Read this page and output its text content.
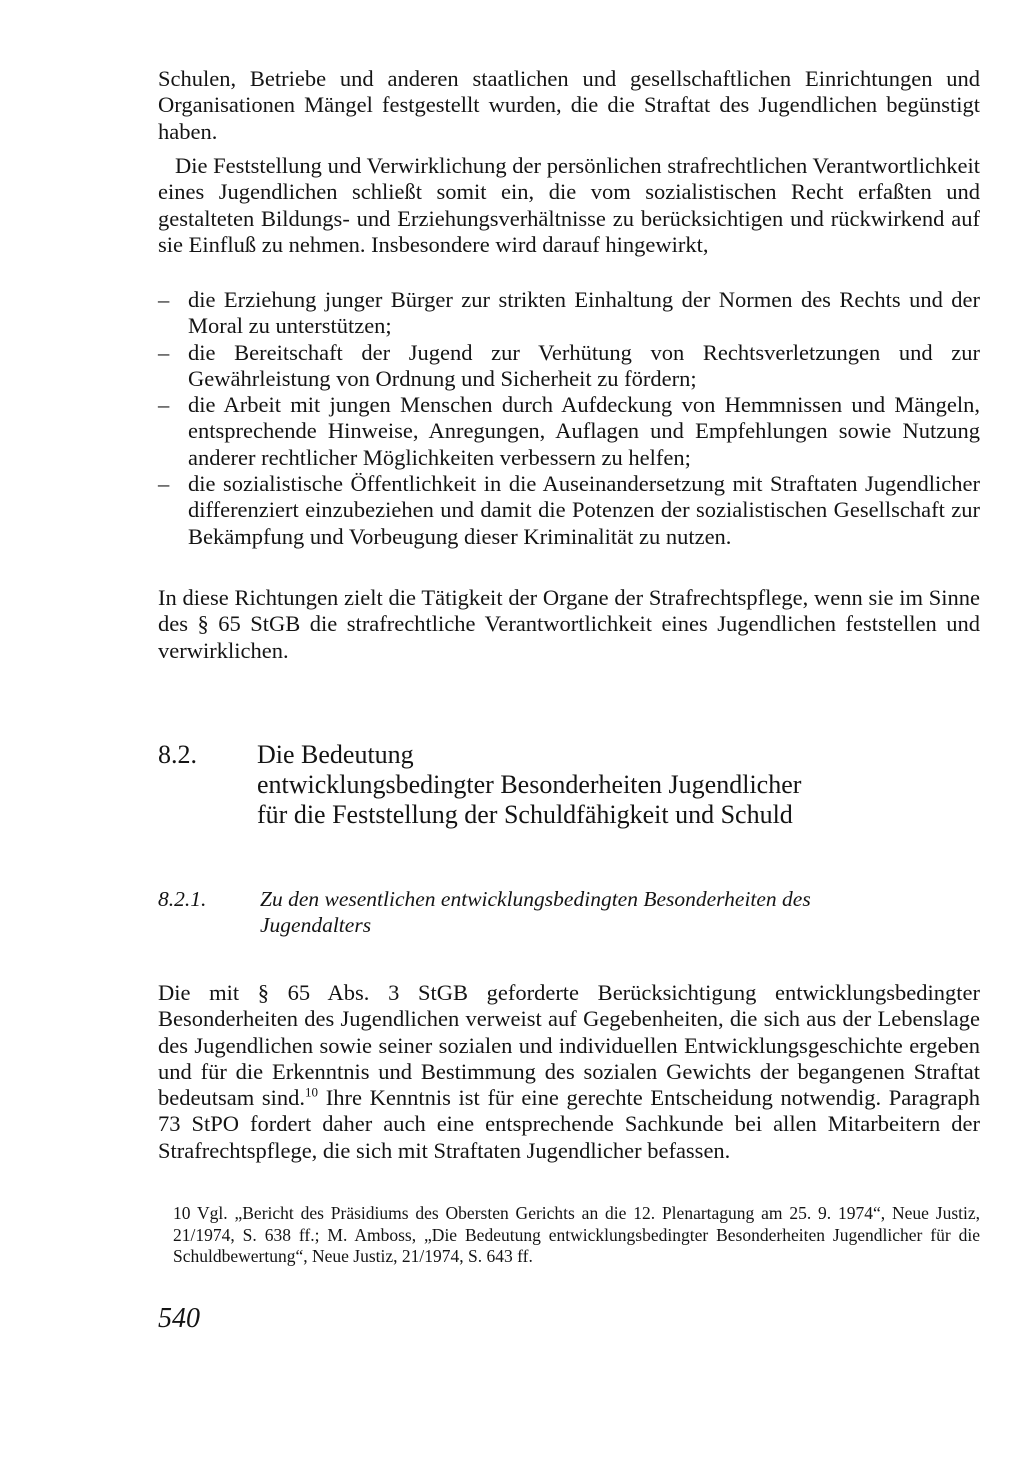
Schulen, Betriebe und anderen staatlichen und gesellschaftlichen Einrichtungen und Organisationen Mängel festgestellt wurden, die die Straftat des Jugendlichen begünstigt haben.
Die Feststellung und Verwirklichung der persönlichen strafrechtlichen Verantwortlichkeit eines Jugendlichen schließt somit ein, die vom sozialistischen Recht erfaßten und gestalteten Bildungs- und Erziehungsverhältnisse zu berücksichtigen und rückwirkend auf sie Einfluß zu nehmen. Insbesondere wird darauf hingewirkt,
– die Erziehung junger Bürger zur strikten Einhaltung der Normen des Rechts und der Moral zu unterstützen;
– die Bereitschaft der Jugend zur Verhütung von Rechtsverletzungen und zur Gewährleistung von Ordnung und Sicherheit zu fördern;
– die Arbeit mit jungen Menschen durch Aufdeckung von Hemmnissen und Mängeln, entsprechende Hinweise, Anregungen, Auflagen und Empfehlungen sowie Nutzung anderer rechtlicher Möglichkeiten verbessern zu helfen;
– die sozialistische Öffentlichkeit in die Auseinandersetzung mit Straftaten Jugendlicher differenziert einzubeziehen und damit die Potenzen der sozialistischen Gesellschaft zur Bekämpfung und Vorbeugung dieser Kriminalität zu nutzen.
In diese Richtungen zielt die Tätigkeit der Organe der Strafrechtspflege, wenn sie im Sinne des § 65 StGB die strafrechtliche Verantwortlichkeit eines Jugendlichen feststellen und verwirklichen.
8.2. Die Bedeutung
entwicklungsbedingter Besonderheiten Jugendlicher
für die Feststellung der Schuldfähigkeit und Schuld
8.2.1. Zu den wesentlichen entwicklungsbedingten Besonderheiten des Jugendalters
Die mit § 65 Abs. 3 StGB geforderte Berücksichtigung entwicklungsbedingter Besonderheiten des Jugendlichen verweist auf Gegebenheiten, die sich aus der Lebenslage des Jugendlichen sowie seiner sozialen und individuellen Entwicklungsgeschichte ergeben und für die Erkenntnis und Bestimmung des sozialen Gewichts der begangenen Straftat bedeutsam sind.$^{10}$ Ihre Kenntnis ist für eine gerechte Entscheidung notwendig. Paragraph 73 StPO fordert daher auch eine entsprechende Sachkunde bei allen Mitarbeitern der Strafrechtspflege, die sich mit Straftaten Jugendlicher befassen.
10 Vgl. „Bericht des Präsidiums des Obersten Gerichts an die 12. Plenartagung am 25. 9. 1974“, Neue Justiz, 21/1974, S. 638 ff.; M. Amboss, „Die Bedeutung entwicklungsbedingter Besonderheiten Jugendlicher für die Schuldbewertung“, Neue Justiz, 21/1974, S. 643 ff.
540
